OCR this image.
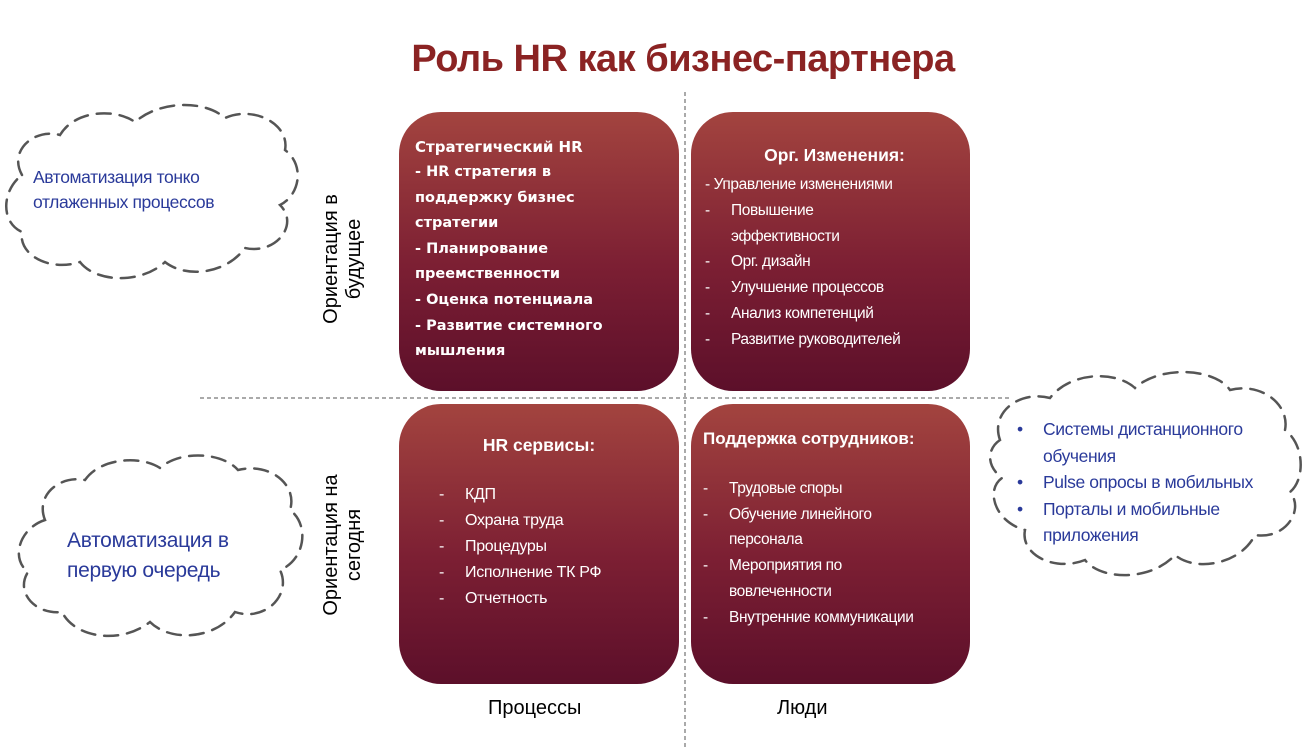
Роль HR как бизнес-партнера
Стратегический HR
- HR стратегия в
поддержку бизнес
стратегии
- Планирование
преемственности
- Оценка потенциала
- Развитие системного
мышления
Орг. Изменения:
- Управление изменениями
- Повышение
эффективности
- Орг. дизайн
- Улучшение процессов
- Анализ компетенций
- Развитие руководителей
HR сервисы:
- КДП
- Охрана труда
- Процедуры
- Исполнение ТК РФ
- Отчетность
Поддержка сотрудников:
- Трудовые споры
- Обучение линейного
персонала
- Мероприятия по
вовлеченности
- Внутренние коммуникации
Ориентация в будущее
Ориентация на сегодня
Процессы	Люди
Автоматизация тонко
отлаженных процессов
Автоматизация в
первую очередь
• Системы дистанционного
обучения
• Pulse опросы в мобильных
• Порталы и мобильные
приложения
